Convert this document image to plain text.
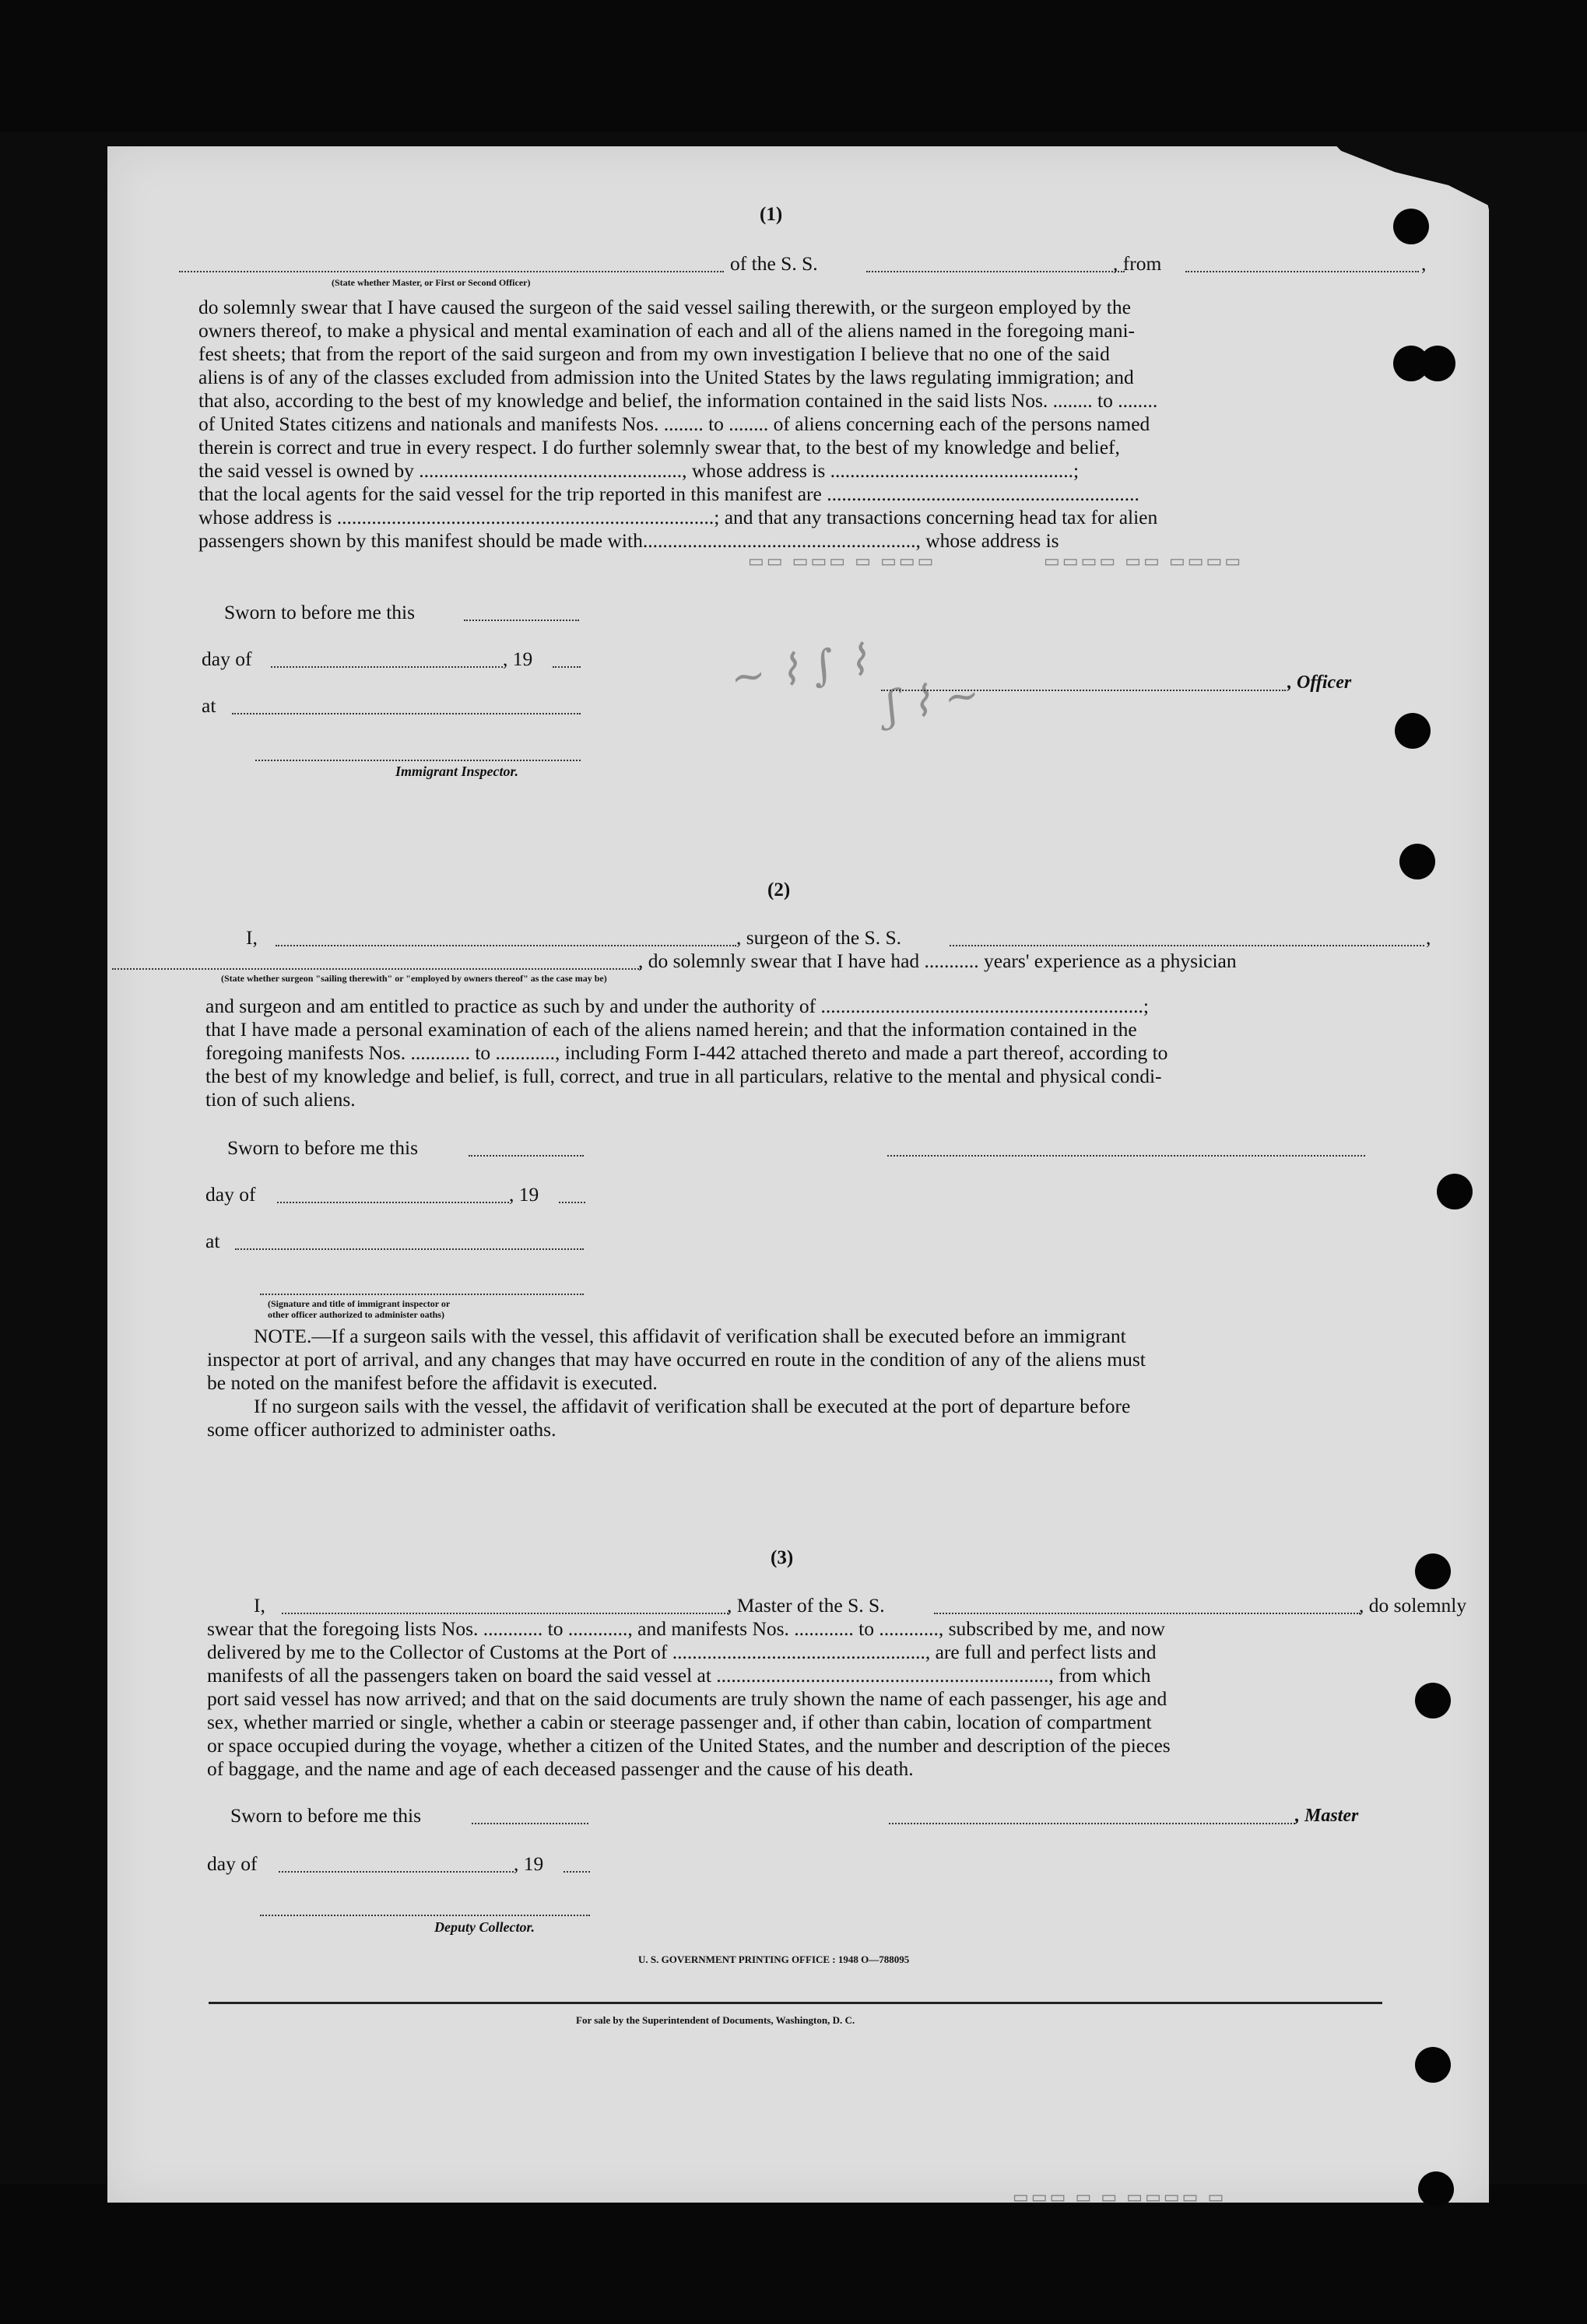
▭▭▭ ▭ ▭▭▭ ▭▭	▭▭▭▭ ▭▭ ▭▭▭▭
▭ ▭▭▭▭ ▭ ▭ ▭▭▭
~ ⌇ ∫ ⌇ ʃ ⌇ ~
(1)
of the S. S.	, from	,
(State whether Master, or First or Second Officer)
do solemnly swear that I have caused the surgeon of the said vessel sailing therewith, or the surgeon employed by the
owners thereof, to make a physical and mental examination of each and all of the aliens named in the foregoing mani-
fest sheets; that from the report of the said surgeon and from my own investigation I believe that no one of the said
aliens is of any of the classes excluded from admission into the United States by the laws regulating immigration; and
that also, according to the best of my knowledge and belief, the information contained in the said lists Nos. ........ to ........
of United States citizens and nationals and manifests Nos. ........ to ........ of aliens concerning each of the persons named
therein is correct and true in every respect. I do further solemnly swear that, to the best of my knowledge and belief,
the said vessel is owned by ....................................................., whose address is .................................................;
that the local agents for the said vessel for the trip reported in this manifest are ...............................................................
whose address is ............................................................................; and that any transactions concerning head tax for alien
passengers shown by this manifest should be made with......................................................., whose address is
Sworn to before me this
day of	, 19
at
, Officer
Immigrant Inspector.
(2)
I,	, surgeon of the S. S.	,
, do solemnly swear that I have had ........... years' experience as a physician
(State whether surgeon "sailing therewith" or "employed by owners thereof" as the case may be)
and surgeon and am entitled to practice as such by and under the authority of .................................................................;
that I have made a personal examination of each of the aliens named herein; and that the information contained in the
foregoing manifests Nos. ............ to ............, including Form I-442 attached thereto and made a part thereof, according to
the best of my knowledge and belief, is full, correct, and true in all particulars, relative to the mental and physical condi-
tion of such aliens.
Sworn to before me this
day of	, 19
at
(Signature and title of immigrant inspector or
other officer authorized to administer oaths)
NOTE.—If a surgeon sails with the vessel, this affidavit of verification shall be executed before an immigrant
inspector at port of arrival, and any changes that may have occurred en route in the condition of any of the aliens must
be noted on the manifest before the affidavit is executed.
If no surgeon sails with the vessel, the affidavit of verification shall be executed at the port of departure before
some officer authorized to administer oaths.
(3)
I,	, Master of the S. S.	, do solemnly
swear that the foregoing lists Nos. ............ to ............, and manifests Nos. ............ to ............, subscribed by me, and now
delivered by me to the Collector of Customs at the Port of ..................................................., are full and perfect lists and
manifests of all the passengers taken on board the said vessel at ..................................................................., from which
port said vessel has now arrived; and that on the said documents are truly shown the name of each passenger, his age and
sex, whether married or single, whether a cabin or steerage passenger and, if other than cabin, location of compartment
or space occupied during the voyage, whether a citizen of the United States, and the number and description of the pieces
of baggage, and the name and age of each deceased passenger and the cause of his death.
Sworn to before me this	, Master
day of	, 19
Deputy Collector.
U. S. GOVERNMENT PRINTING OFFICE : 1948 O—788095
For sale by the Superintendent of Documents, Washington, D. C.
